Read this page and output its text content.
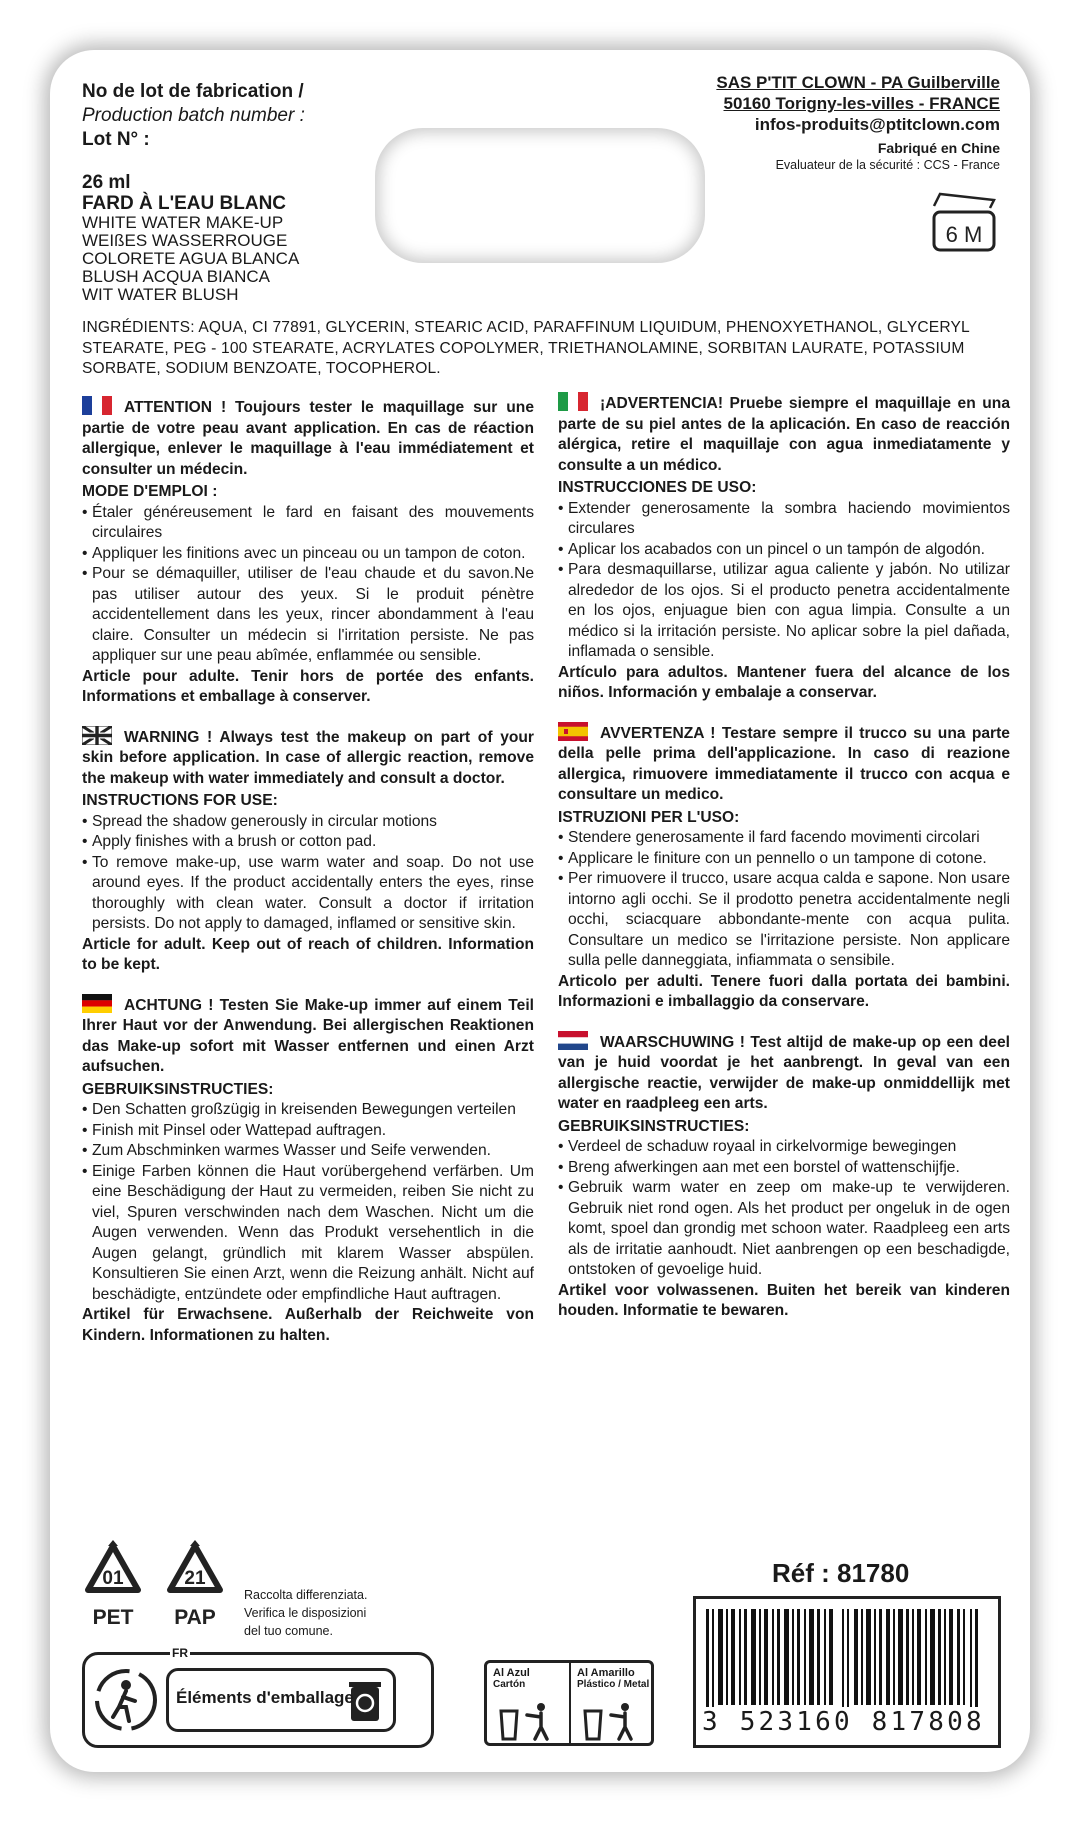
No de lot de fabrication /
Production batch number :
Lot N° :
26 ml
FARD À L'EAU BLANC
WHITE WATER MAKE-UP
WEIßES WASSERROUGE
COLORETE AGUA BLANCA
BLUSH ACQUA BIANCA
WIT WATER BLUSH
SAS P'TIT CLOWN - PA Guilberville
50160 Torigny-les-villes - FRANCE
infos-produits@ptitclown.com
Fabriqué en Chine
Evaluateur de la sécurité : CCS - France
6 M
INGRÉDIENTS: AQUA, CI 77891, GLYCERIN, STEARIC ACID, PARAFFINUM LIQUIDUM, PHENOXYETHANOL, GLYCERYL STEARATE, PEG - 100 STEARATE, ACRYLATES COPOLYMER, TRIETHANOLAMINE, SORBITAN LAURATE, POTASSIUM SORBATE, SODIUM BENZOATE, TOCOPHEROL.
ATTENTION ! Toujours tester le maquillage sur une partie de votre peau avant application. En cas de réaction allergique, enlever le maquillage à l'eau immédiatement et consulter un médecin.
MODE D'EMPLOI :
• Étaler généreusement le fard en faisant des mouvements circulaires
• Appliquer les finitions avec un pinceau ou un tampon de coton.
• Pour se démaquiller, utiliser de l'eau chaude et du savon.Ne pas utiliser autour des yeux. Si le produit pénètre accidentellement dans les yeux, rincer abondamment à l'eau claire. Consulter un médecin si l'irritation persiste. Ne pas appliquer sur une peau abîmée, enflammée ou sensible.
Article pour adulte. Tenir hors de portée des enfants. Informations et emballage à conserver.
WARNING ! Always test the makeup on part of your skin before application. In case of allergic reaction, remove the makeup with water immediately and consult a doctor.
INSTRUCTIONS FOR USE:
• Spread the shadow generously in circular motions
• Apply finishes with a brush or cotton pad.
• To remove make-up, use warm water and soap. Do not use around eyes. If the product accidentally enters the eyes, rinse thoroughly with clean water. Consult a doctor if irritation persists. Do not apply to damaged, inflamed or sensitive skin.
Article for adult. Keep out of reach of children. Information to be kept.
ACHTUNG ! Testen Sie Make-up immer auf einem Teil Ihrer Haut vor der Anwendung. Bei allergischen Reaktionen das Make-up sofort mit Wasser entfernen und einen Arzt aufsuchen.
GEBRUIKSINSTRUCTIES:
• Den Schatten großzügig in kreisenden Bewegungen verteilen
• Finish mit Pinsel oder Wattepad auftragen.
• Zum Abschminken warmes Wasser und Seife verwenden.
• Einige Farben können die Haut vorübergehend verfärben. Um eine Beschädigung der Haut zu vermeiden, reiben Sie nicht zu viel, Spuren verschwinden nach dem Waschen. Nicht um die Augen verwenden. Wenn das Produkt versehentlich in die Augen gelangt, gründlich mit klarem Wasser abspülen. Konsultieren Sie einen Arzt, wenn die Reizung anhält. Nicht auf beschädigte, entzündete oder empfindliche Haut auftragen.
Artikel für Erwachsene. Außerhalb der Reichweite von Kindern. Informationen zu halten.
¡ADVERTENCIA! Pruebe siempre el maquillaje en una parte de su piel antes de la aplicación. En caso de reacción alérgica, retire el maquillaje con agua inmediatamente y consulte a un médico.
INSTRUCCIONES DE USO:
• Extender generosamente la sombra haciendo movimientos circulares
• Aplicar los acabados con un pincel o un tampón de algodón.
• Para desmaquillarse, utilizar agua caliente y jabón. No utilizar alrededor de los ojos. Si el producto penetra accidentalmente en los ojos, enjuague bien con agua limpia. Consulte a un médico si la irritación persiste. No aplicar sobre la piel dañada, inflamada o sensible.
Artículo para adultos. Mantener fuera del alcance de los niños. Información y embalaje a conservar.
AVVERTENZA ! Testare sempre il trucco su una parte della pelle prima dell'applicazione. In caso di reazione allergica, rimuovere immediatamente il trucco con acqua e consultare un medico.
ISTRUZIONI PER L'USO:
• Stendere generosamente il fard facendo movimenti circolari
• Applicare le finiture con un pennello o un tampone di cotone.
• Per rimuovere il trucco, usare acqua calda e sapone. Non usare intorno agli occhi. Se il prodotto penetra accidentalmente negli occhi, sciacquare abbondante-mente con acqua pulita. Consultare un medico se l'irritazione persiste. Non applicare sulla pelle danneggiata, infiammata o sensibile.
Articolo per adulti. Tenere fuori dalla portata dei bambini. Informazioni e imballaggio da conservare.
WAARSCHUWING ! Test altijd de make-up op een deel van je huid voordat je het aanbrengt. In geval van een allergische reactie, verwijder de make-up onmiddellijk met water en raadpleeg een arts.
GEBRUIKSINSTRUCTIES:
• Verdeel de schaduw royaal in cirkelvormige bewegingen
• Breng afwerkingen aan met een borstel of wattenschijfje.
• Gebruik warm water en zeep om make-up te verwijderen. Gebruik niet rond ogen. Als het product per ongeluk in de ogen komt, spoel dan grondig met schoon water. Raadpleeg een arts als de irritatie aanhoudt. Niet aanbrengen op een beschadigde, ontstoken of gevoelige huid.
Artikel voor volwassenen. Buiten het bereik van kinderen houden. Informatie te bewaren.
01
PET
21
PAP
Raccolta differenziata.
Verifica le disposizioni
del tuo comune.
Réf : 81780
3 523160 817808
FR
Éléments d'emballage
Al Azul
Cartón
Al Amarillo
Plástico / Metal
